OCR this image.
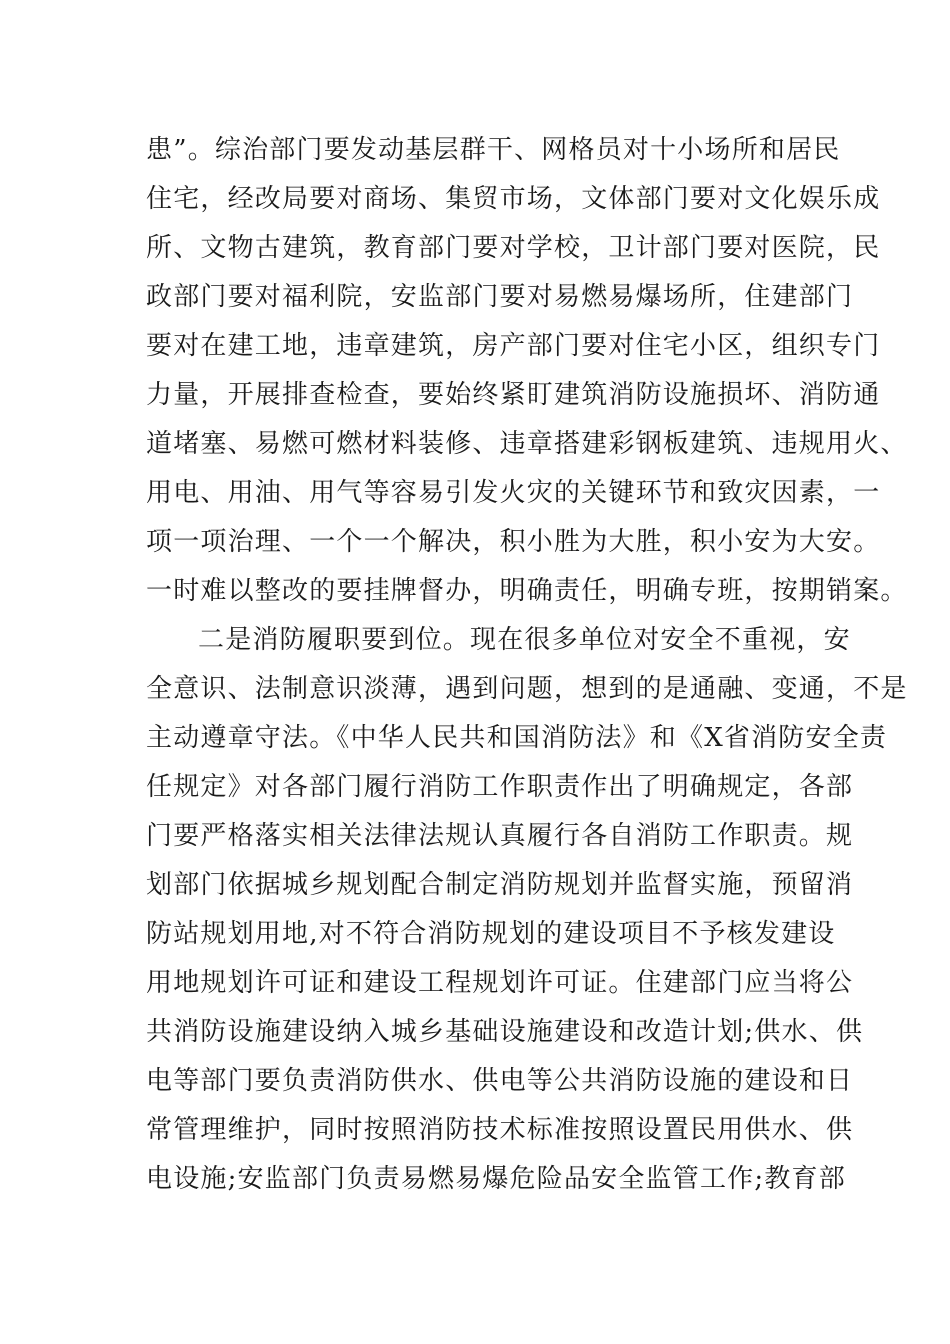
患”。综治部门要发动基层群干、网格员对十小场所和居民
住宅，经改局要对商场、集贸市场，文体部门要对文化娱乐成
所、文物古建筑，教育部门要对学校，卫计部门要对医院，民
政部门要对福利院，安监部门要对易燃易爆场所，住建部门
要对在建工地，违章建筑，房产部门要对住宅小区，组织专门
力量，开展排查检查，要始终紧盯建筑消防设施损坏、消防通
道堵塞、易燃可燃材料装修、违章搭建彩钢板建筑、违规用火、
用电、用油、用气等容易引发火灾的关键环节和致灾因素，一
项一项治理、一个一个解决，积小胜为大胜，积小安为大安。
一时难以整改的要挂牌督办，明确责任，明确专班，按期销案。
二是消防履职要到位。现在很多单位对安全不重视，安
全意识、法制意识淡薄，遇到问题，想到的是通融、变通，不是
主动遵章守法。《中华人民共和国消防法》和《X省消防安全责
任规定》对各部门履行消防工作职责作出了明确规定，各部
门要严格落实相关法律法规认真履行各自消防工作职责。规
划部门依据城乡规划配合制定消防规划并监督实施，预留消
防站规划用地,对不符合消防规划的建设项目不予核发建设
用地规划许可证和建设工程规划许可证。住建部门应当将公
共消防设施建设纳入城乡基础设施建设和改造计划;供水、供
电等部门要负责消防供水、供电等公共消防设施的建设和日
常管理维护，同时按照消防技术标准按照设置民用供水、供
电设施;安监部门负责易燃易爆危险品安全监管工作;教育部
